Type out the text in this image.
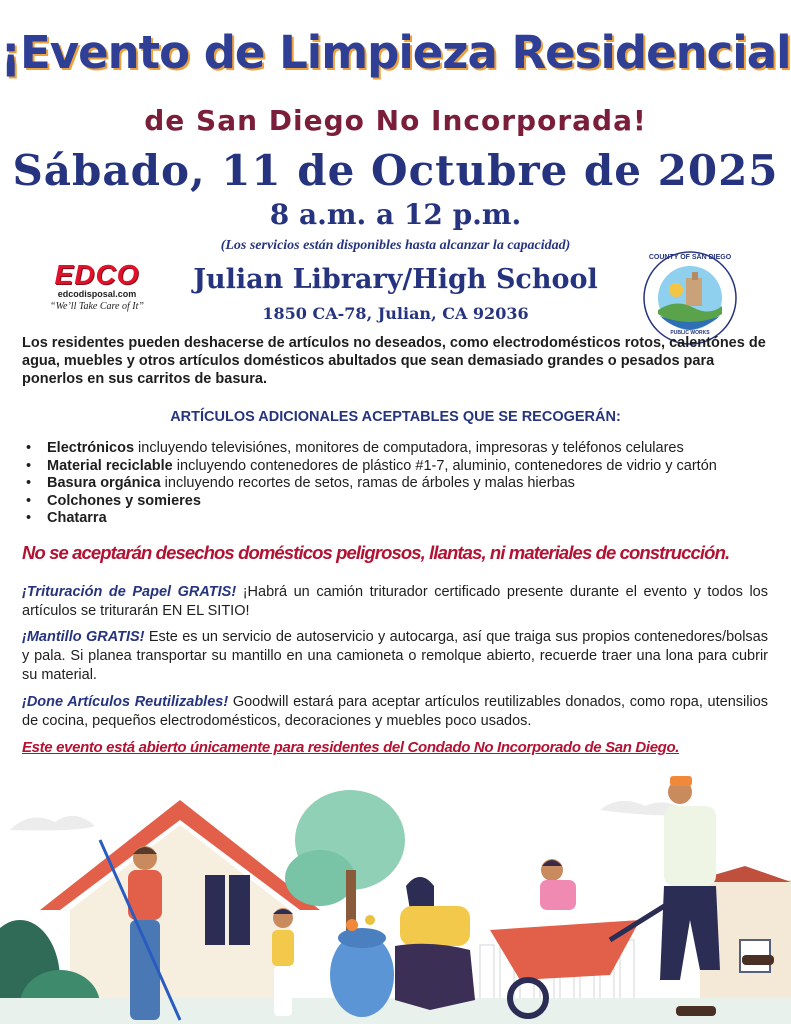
¡Evento de Limpieza Residencial
de San Diego No Incorporada!
Sábado, 11 de Octubre de 2025
8 a.m. a 12 p.m.
(Los servicios están disponibles hasta alcanzar la capacidad)
Julian Library/High School
1850 CA-78, Julian, CA 92036
EDCO
edcodisposal.com
“We’ll Take Care of It”
COUNTY OF SAN DIEGO
PUBLIC WORKS
Los residentes pueden deshacerse de artículos no deseados, como electrodomésticos rotos, calentónes de agua, muebles y otros artículos domésticos abultados que sean demasiado grandes o pesados para ponerlos en sus carritos de basura.
ARTÍCULOS ADICIONALES ACEPTABLES QUE SE RECOGERÁN:
• Electrónicos incluyendo televisiónes, monitores de computadora, impresoras y teléfonos celulares
• Material reciclable incluyendo contenedores de plástico #1-7, aluminio, contenedores de vidrio y cartón
• Basura orgánica incluyendo recortes de setos, ramas de árboles y malas hierbas
• Colchones y somieres
• Chatarra
No se aceptarán desechos domésticos peligrosos, llantas, ni materiales de construcción.
¡Trituración de Papel GRATIS! ¡Habrá un camión triturador certificado presente durante el evento y todos los artículos se triturarán EN EL SITIO!
¡Mantillo GRATIS! Este es un servicio de autoservicio y autocarga, así que traiga sus propios contenedores/bolsas y pala. Si planea transportar su mantillo en una camioneta o remolque abierto, recuerde traer una lona para cubrir su material.
¡Done Artículos Reutilizables! Goodwill estará para aceptar artículos reutilizables donados, como ropa, utensilios de cocina, pequeños electrodomésticos, decoraciones y muebles poco usados.
Este evento está abierto únicamente para residentes del Condado No Incorporado de San Diego.
